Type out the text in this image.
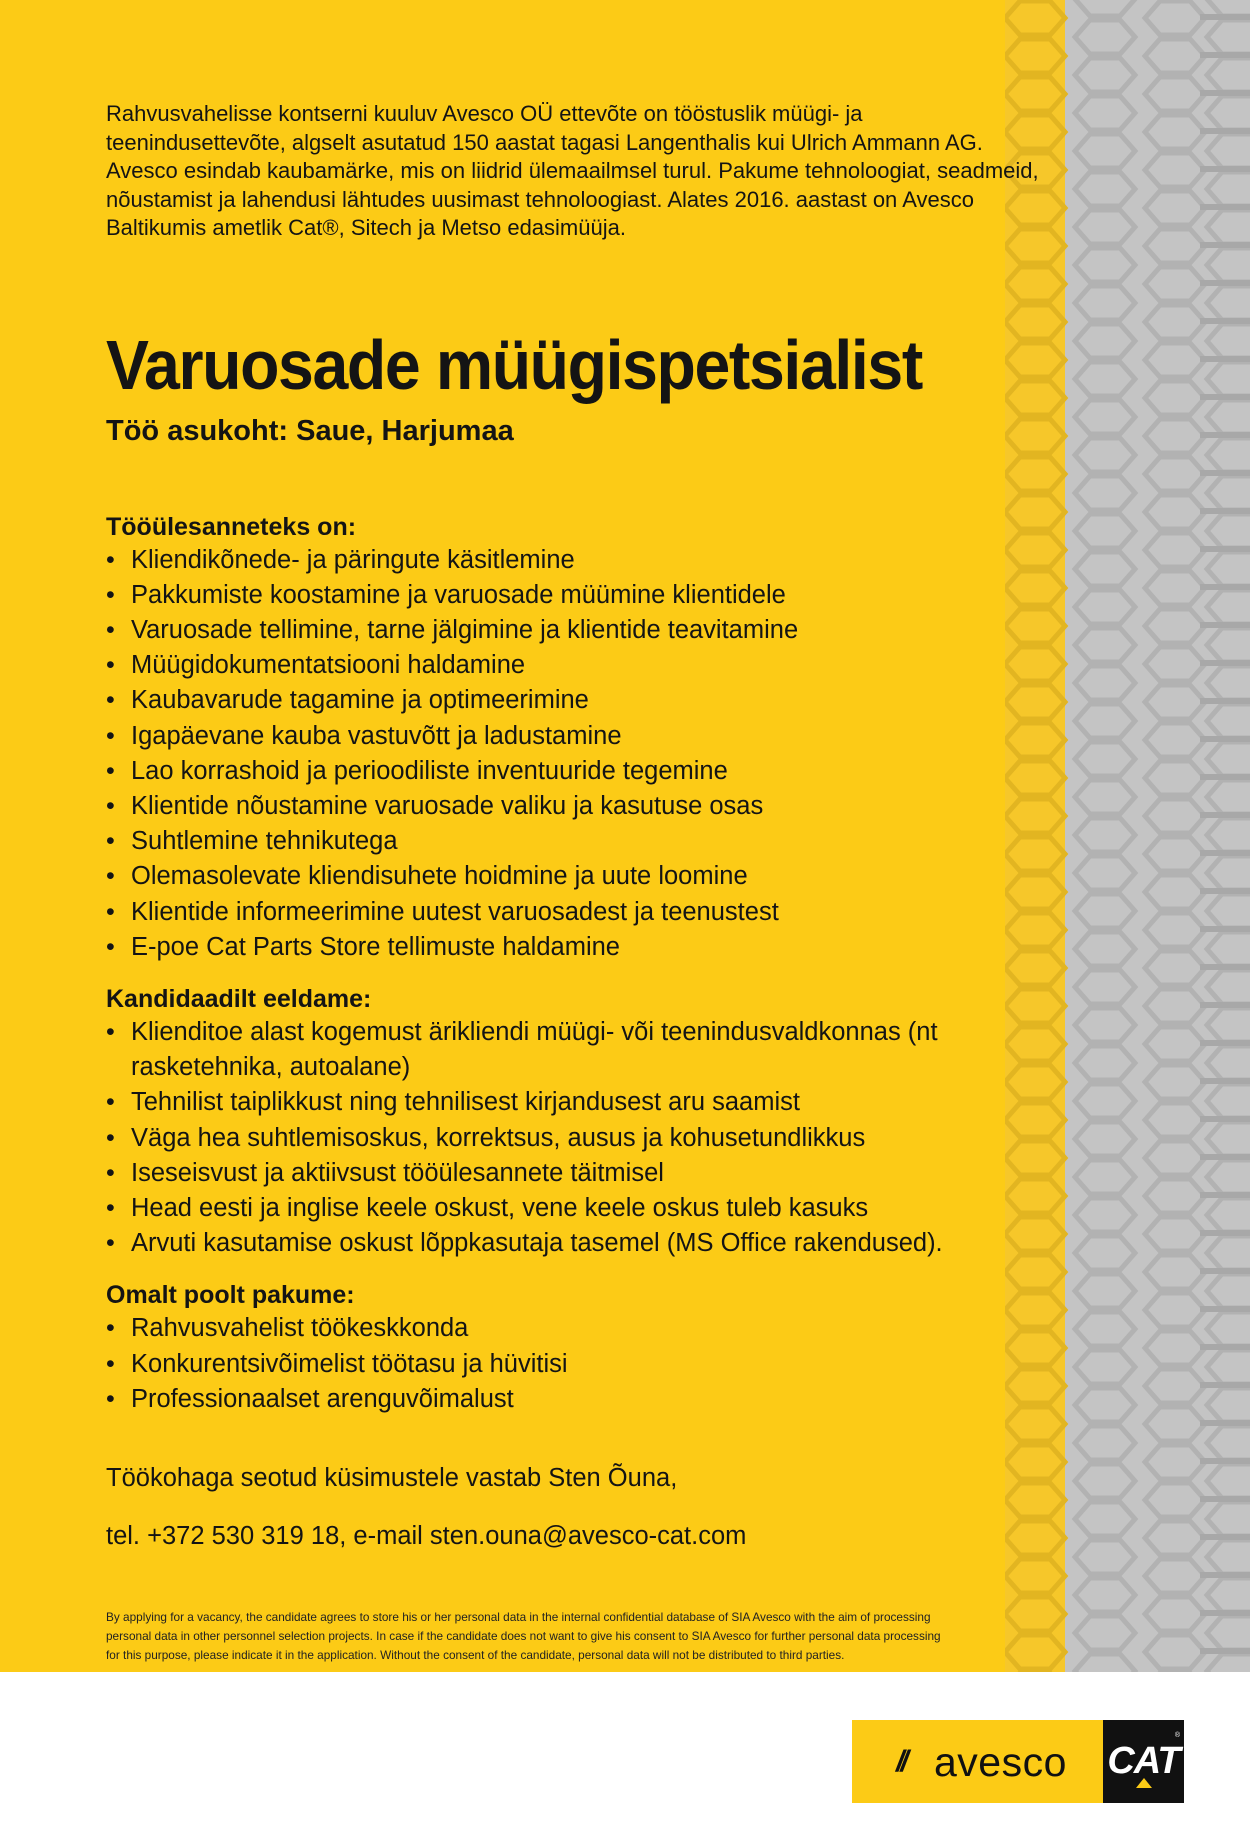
Rahvusvahelisse kontserni kuuluv Avesco OÜ ettevõte on tööstuslik müügi- ja teenindusettevõte, algselt asutatud 150 aastat tagasi Langenthalis kui Ulrich Ammann AG. Avesco esindab kaubamärke, mis on liidrid ülemaailmsel turul. Pakume tehnoloogiat, seadmeid, nõustamist ja lahendusi lähtudes uusimast tehnoloogiast. Alates 2016. aastast on Avesco Baltikumis ametlik Cat®, Sitech ja Metso edasimüüja.

Varuosade müügispetsialist
Töö asukoht: Saue, Harjumaa
Tööülesanneteks on:
• Kliendikõnede- ja päringute käsitlemine
• Pakkumiste koostamine ja varuosade müümine klientidele
• Varuosade tellimine, tarne jälgimine ja klientide teavitamine
• Müügidokumentatsiooni haldamine
• Kaubavarude tagamine ja optimeerimine
• Igapäevane kauba vastuvõtt ja ladustamine
• Lao korrashoid ja perioodiliste inventuuride tegemine
• Klientide nõustamine varuosade valiku ja kasutuse osas
• Suhtlemine tehnikutega
• Olemasolevate kliendisuhete hoidmine ja uute loomine
• Klientide informeerimine uutest varuosadest ja teenustest
• E-poe Cat Parts Store tellimuste haldamine
Kandidaadilt eeldame:
• Klienditoe alast kogemust ärikliendi müügi- või teenindusvaldkonnas (nt rasketehnika, autoalane)
• Tehnilist taiplikkust ning tehnilisest kirjandusest aru saamist
• Väga hea suhtlemisoskus, korrektsus, ausus ja kohusetundlikkus
• Iseseisvust ja aktiivsust tööülesannete täitmisel
• Head eesti ja inglise keele oskust, vene keele oskus tuleb kasuks
• Arvuti kasutamise oskust lõppkasutaja tasemel (MS Office rakendused).
Omalt poolt pakume:
• Rahvusvahelist töökeskkonda
• Konkurentsivõimelist töötasu ja hüvitisi
• Professionaalset arenguvõimalust

Töökohaga seotud küsimustele vastab Sten Õuna,

tel. +372 530 319 18, e-mail sten.ouna@avesco-cat.com

By applying for a vacancy, the candidate agrees to store his or her personal data in the internal confidential database of SIA Avesco with the aim of processing personal data in other personnel selection projects. In case if the candidate does not want to give his consent to SIA Avesco for further personal data processing for this purpose, please indicate it in the application. Without the consent of the candidate, personal data will not be distributed to third parties.

// avesco CAT
®
